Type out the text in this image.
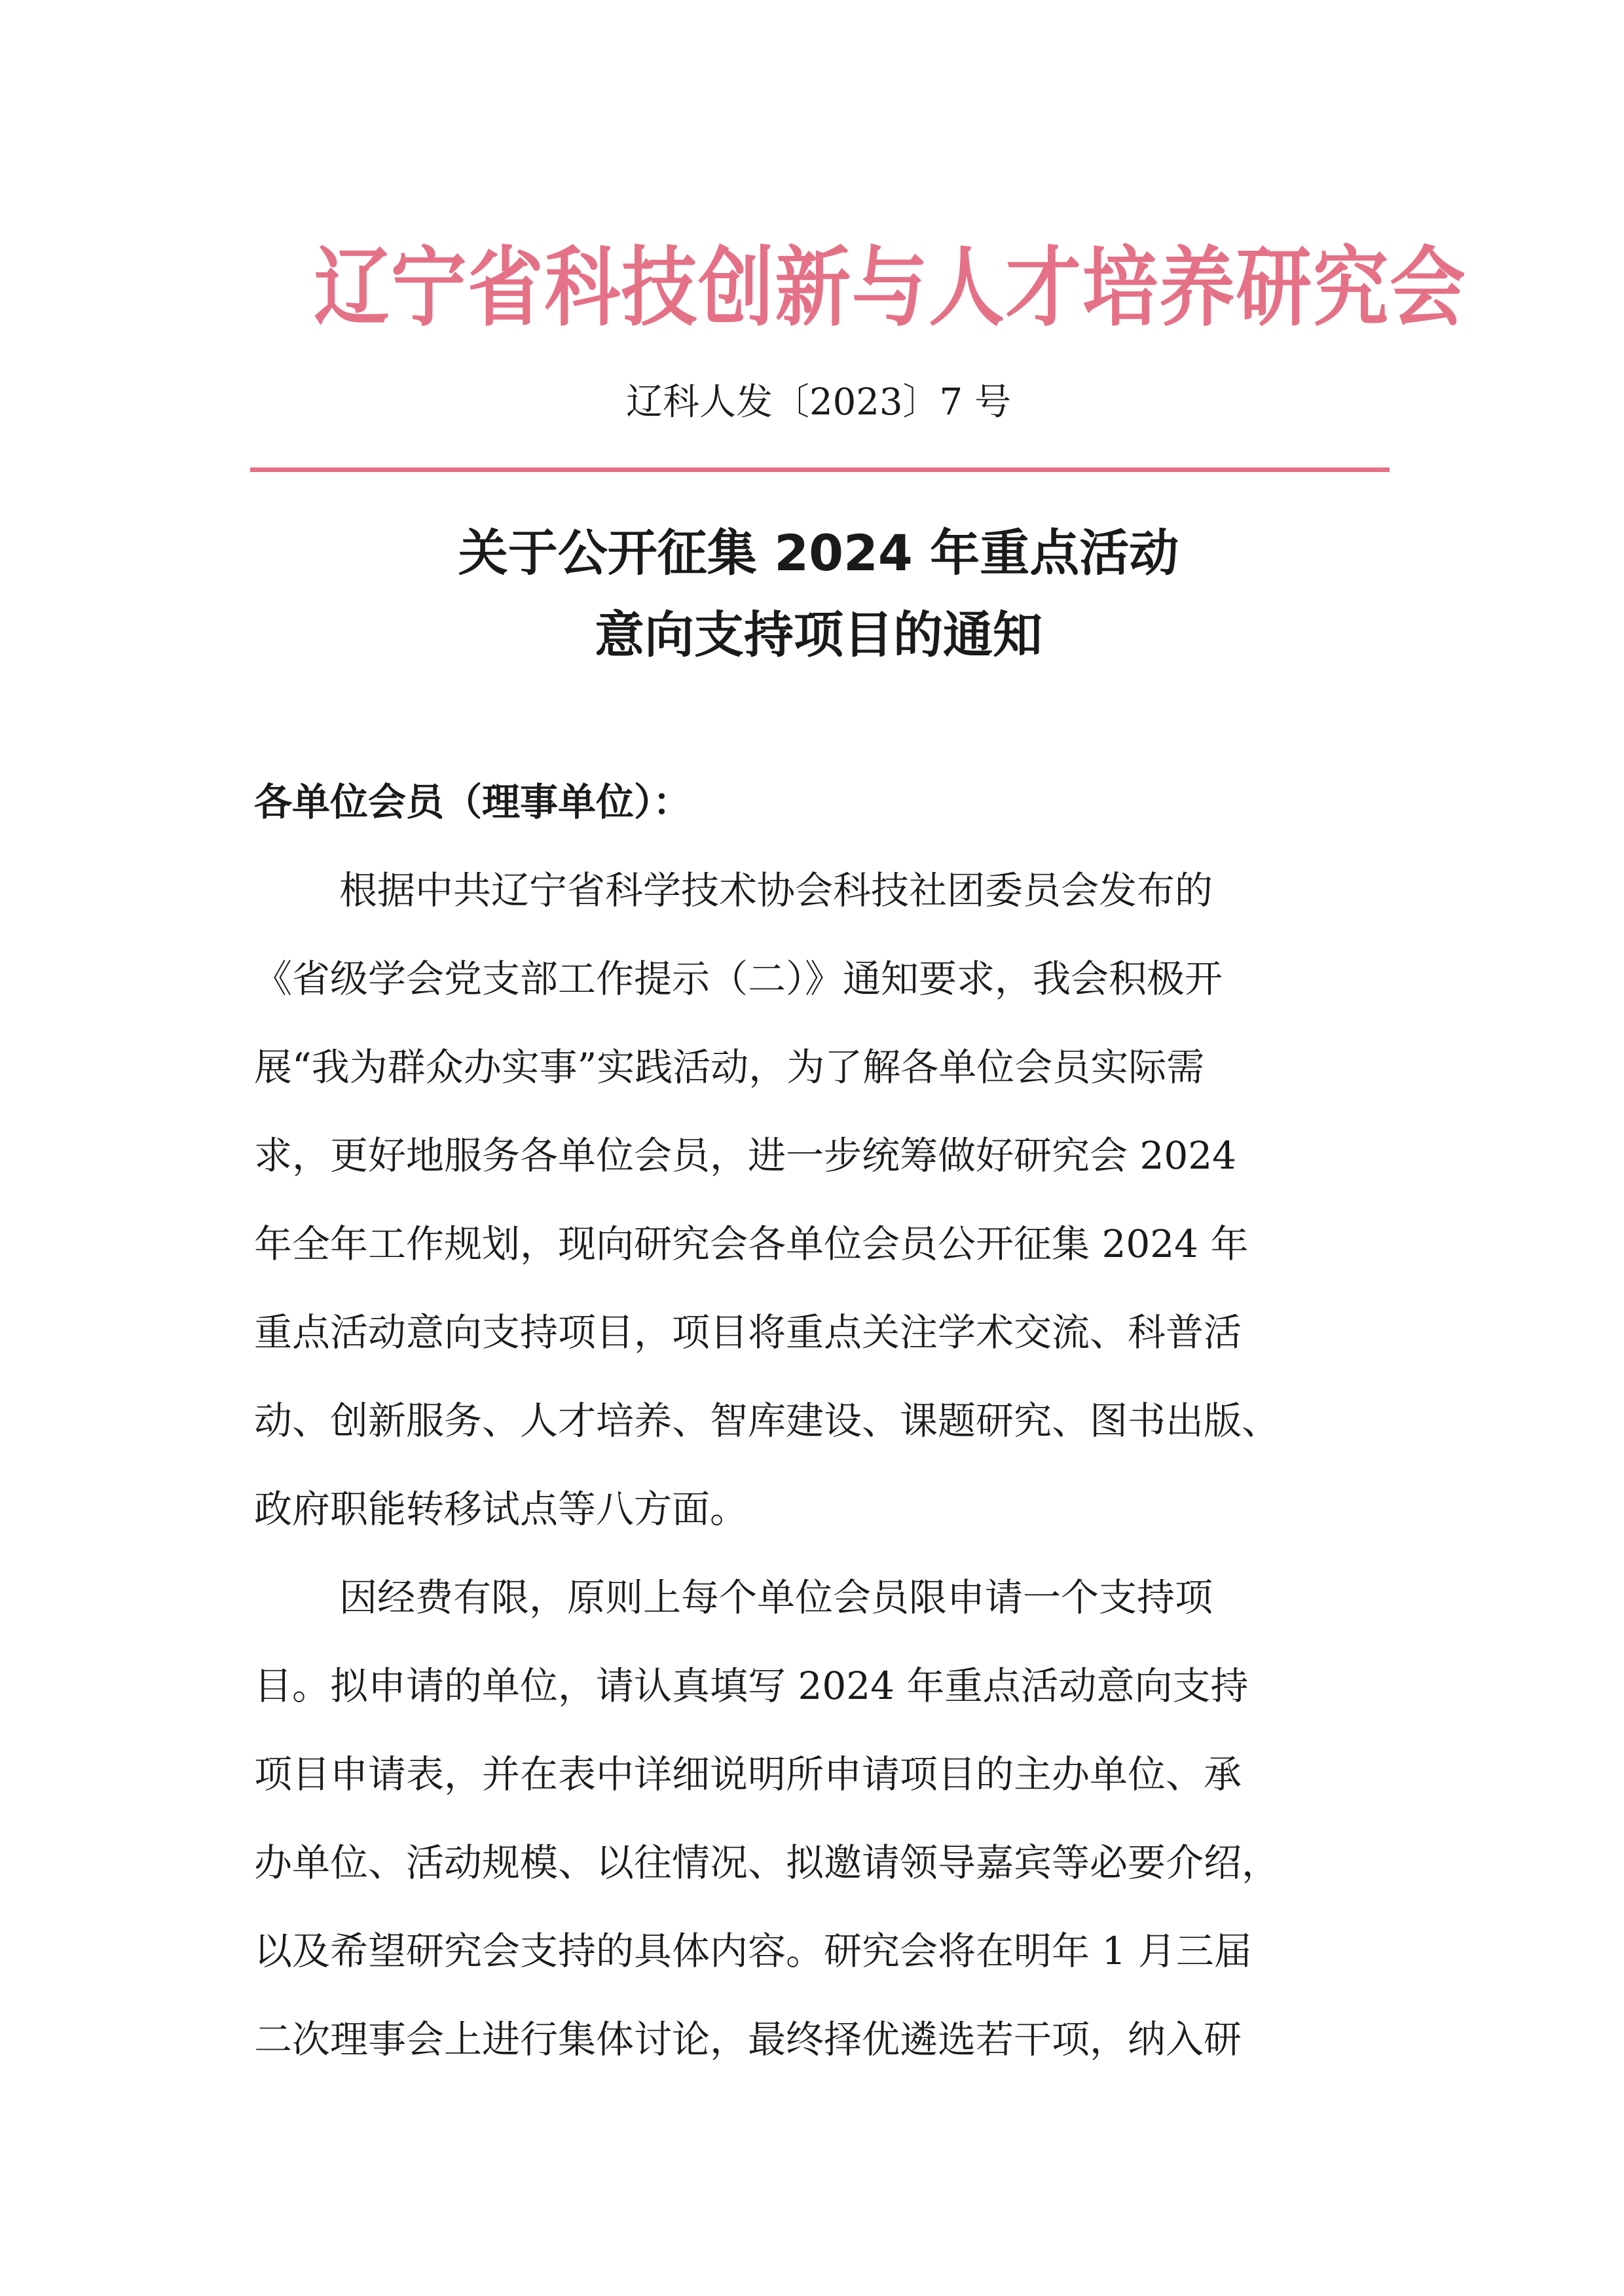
辽宁省科技创新与人才培养研究会
辽科人发〔2023〕7 号
关于公开征集 2024 年重点活动
意向支持项目的通知
各单位会员（理事单位）：
根据中共辽宁省科学技术协会科技社团委员会发布的
《省级学会党支部工作提示（二）》通知要求，我会积极开
展“我为群众办实事”实践活动，为了解各单位会员实际需
求，更好地服务各单位会员，进一步统筹做好研究会 2024
年全年工作规划，现向研究会各单位会员公开征集 2024 年
重点活动意向支持项目，项目将重点关注学术交流、科普活
动、创新服务、人才培养、智库建设、课题研究、图书出版、
政府职能转移试点等八方面。
因经费有限，原则上每个单位会员限申请一个支持项
目。拟申请的单位，请认真填写 2024 年重点活动意向支持
项目申请表，并在表中详细说明所申请项目的主办单位、承
办单位、活动规模、以往情况、拟邀请领导嘉宾等必要介绍，
以及希望研究会支持的具体内容。研究会将在明年 1 月三届
二次理事会上进行集体讨论，最终择优遴选若干项，纳入研
